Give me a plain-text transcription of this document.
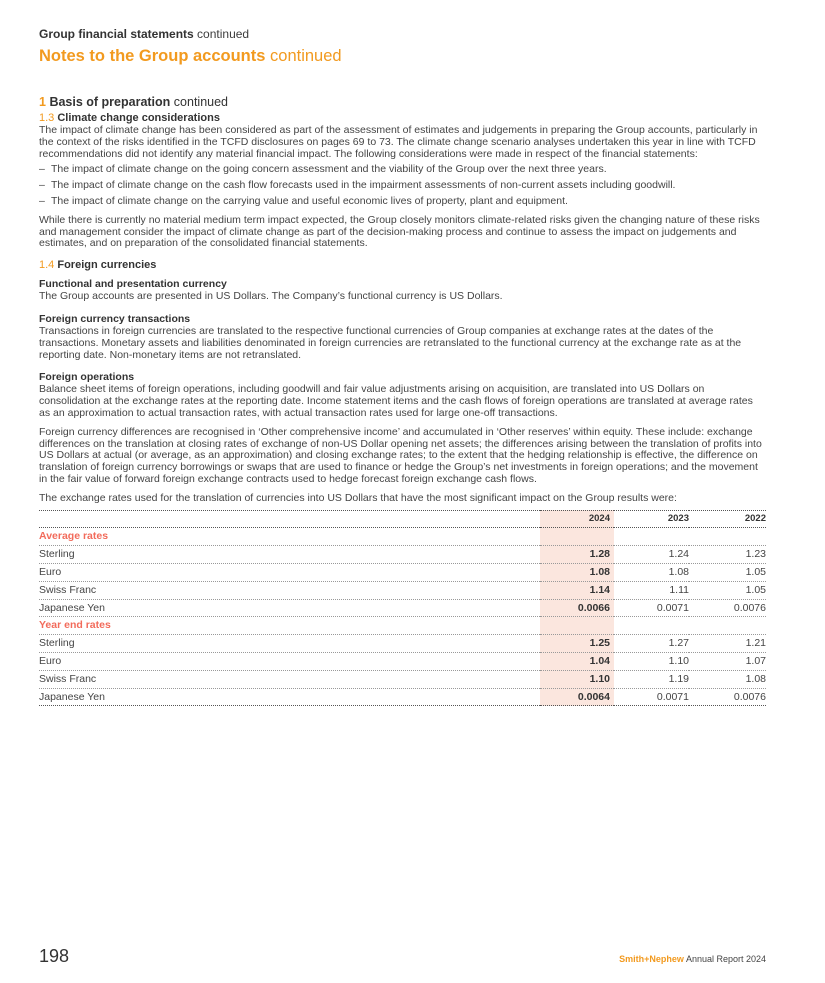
Group financial statements continued
Notes to the Group accounts continued
1 Basis of preparation continued
1.3 Climate change considerations

The impact of climate change has been considered as part of the assessment of estimates and judgements in preparing the Group accounts, particularly in the context of the risks identified in the TCFD disclosures on pages 69 to 73. The climate change scenario analyses undertaken this year in line with TCFD recommendations did not identify any material financial impact. The following considerations were made in respect of the financial statements:

– The impact of climate change on the going concern assessment and the viability of the Group over the next three years.
– The impact of climate change on the cash flow forecasts used in the impairment assessments of non-current assets including goodwill.
– The impact of climate change on the carrying value and useful economic lives of property, plant and equipment.

While there is currently no material medium term impact expected, the Group closely monitors climate-related risks given the changing nature of these risks and management consider the impact of climate change as part of the decision-making process and continue to assess the impact on judgements and estimates, and on preparation of the consolidated financial statements.

1.4 Foreign currencies
Functional and presentation currency

The Group accounts are presented in US Dollars. The Company’s functional currency is US Dollars.

Foreign currency transactions

Transactions in foreign currencies are translated to the respective functional currencies of Group companies at exchange rates at the dates of the transactions. Monetary assets and liabilities denominated in foreign currencies are retranslated to the functional currency at the exchange rate as at the reporting date. Non-monetary items are not retranslated.

Foreign operations

Balance sheet items of foreign operations, including goodwill and fair value adjustments arising on acquisition, are translated into US Dollars on consolidation at the exchange rates at the reporting date. Income statement items and the cash flows of foreign operations are translated at average rates as an approximation to actual transaction rates, with actual transaction rates used for large one-off transactions.

Foreign currency differences are recognised in ‘Other comprehensive income’ and accumulated in ‘Other reserves’ within equity. These include: exchange differences on the translation at closing rates of exchange of non-US Dollar opening net assets; the differences arising between the translation of profits into US Dollars at actual (or average, as an approximation) and closing exchange rates; to the extent that the hedging relationship is effective, the difference on translation of foreign currency borrowings or swaps that are used to finance or hedge the Group’s net investments in foreign operations; and the movement in the fair value of forward foreign exchange contracts used to hedge forecast foreign exchange cash flows.

The exchange rates used for the translation of currencies into US Dollars that have the most significant impact on the Group results were:

	2024	2023	2022
Average rates			
Sterling	1.28	1.24	1.23
Euro	1.08	1.08	1.05
Swiss Franc	1.14	1.11	1.05
Japanese Yen	0.0066	0.0071	0.0076
Year end rates			
Sterling	1.25	1.27	1.21
Euro	1.04	1.10	1.07
Swiss Franc	1.10	1.19	1.08
Japanese Yen	0.0064	0.0071	0.0076
198	Smith+Nephew Annual Report 2024
